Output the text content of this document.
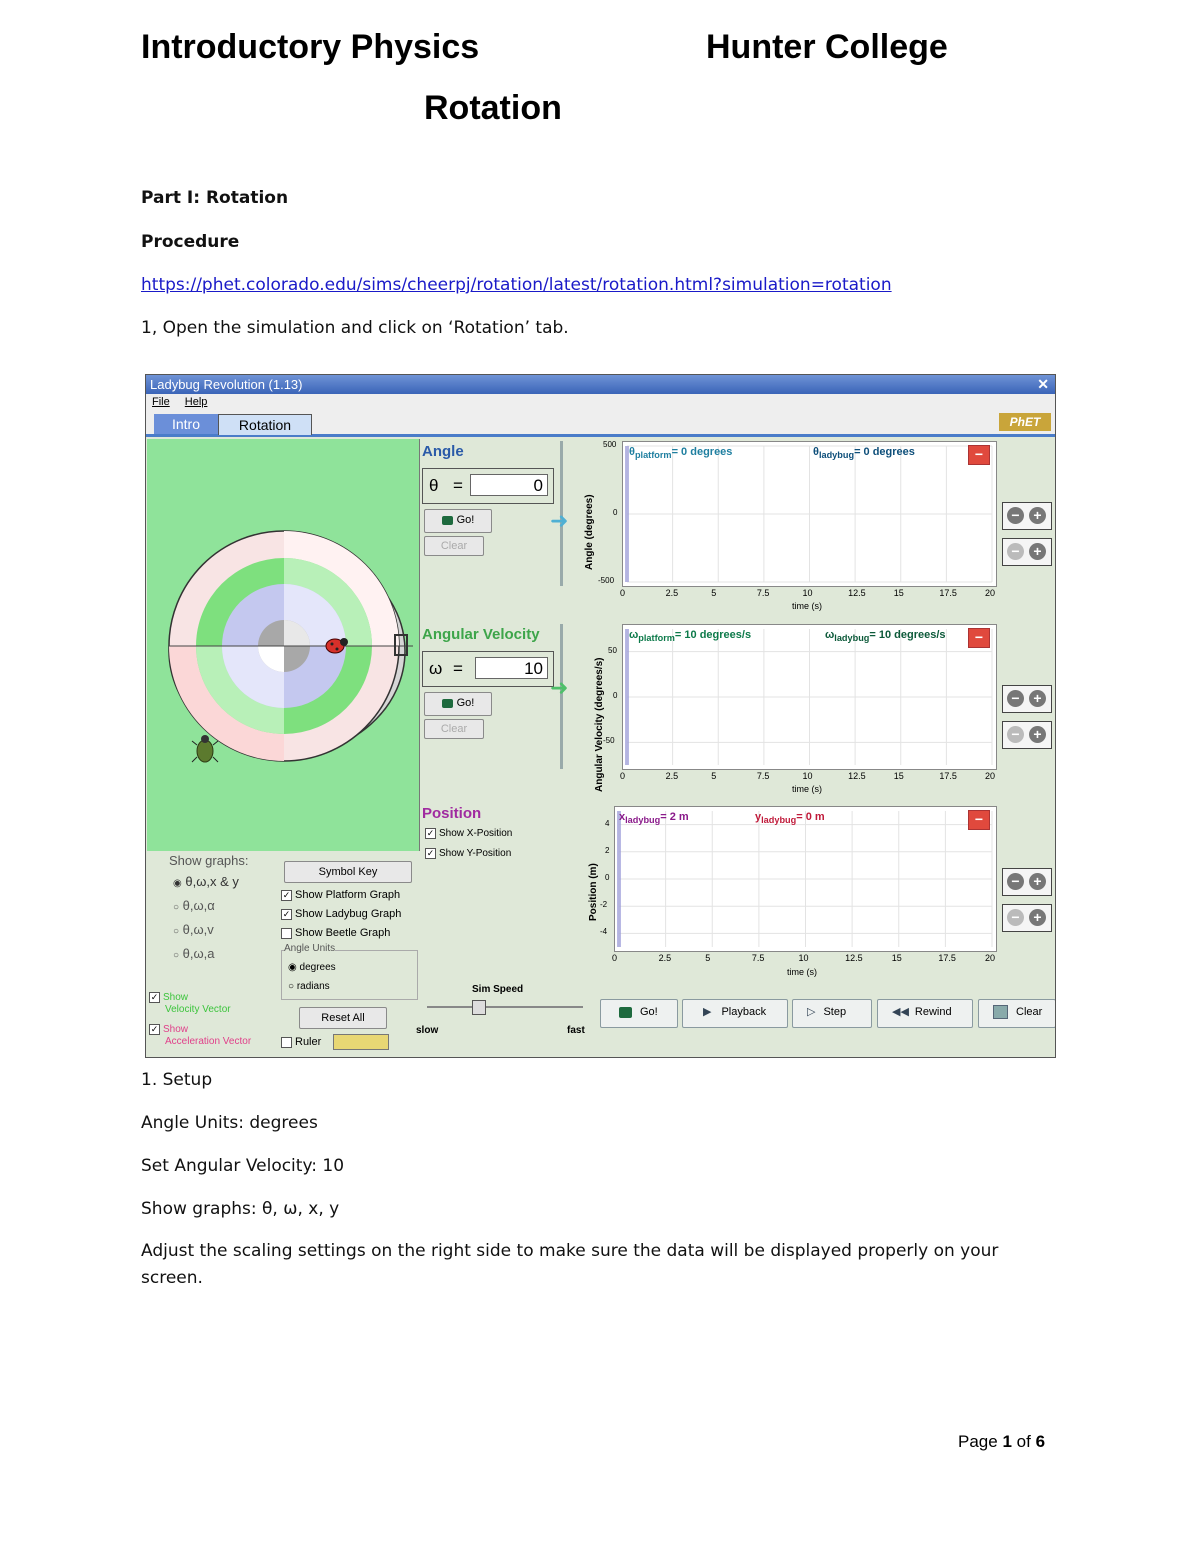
Introductory Physics	Hunter College
Rotation
Part I: Rotation
Procedure
https://phet.colorado.edu/sims/cheerpj/rotation/latest/rotation.html?simulation=rotation
1, Open the simulation and click on ‘Rotation’ tab.
Ladybug Revolution (1.13)	✕
File Help
Intro	Rotation	PhET
Show graphs:
◉ θ,ω,x & y
○ θ,ω,α
○ θ,ω,v
○ θ,ω,a
✓ Show
Velocity Vector
✓ Show
Acceleration Vector
Symbol Key
✓ Show Platform Graph
✓ Show Ladybug Graph
Show Beetle Graph
Angle Units
◉ degrees
○ radians
Reset All
Ruler
Angle
θ =	0
Go!
Clear
➜
Angular Velocity
ω =	10
Go!
Clear
➜
Position
✓ Show X-Position
✓ Show Y-Position
Sim Speed
slow	fast
$\theta_{platform}= 0$ degrees	$\theta_{ladybug}= 0$ degrees	−
$\omega_{platform}= 10$ degrees/s	$\omega_{ladybug}= 10$ degrees/s	−
$x_{ladybug}= 2$ m	$y_{ladybug}= 0$ m	−
Angle (degrees)
Angular Velocity (degrees/s)
Position (m)
time (s)
time (s)
time (s)
− +
− +
− +
− +
− +
− +
Go!	▶ Playback	▷ Step	◀◀ Rewind	Clear
0	2.5	5	7.5	10	12.5	15	17.5	20
500
0
-500
0	2.5	5	7.5	10	12.5	15	17.5	20
50
0
-50
0	2.5	5	7.5	10	12.5	15	17.5	20
4
2
0
-2
-4
1. Setup
Angle Units: degrees
Set Angular Velocity: 10
Show graphs: θ, ω, x, y
Adjust the scaling settings on the right side to make sure the data will be displayed properly on your
screen.
Page 1 of 6
